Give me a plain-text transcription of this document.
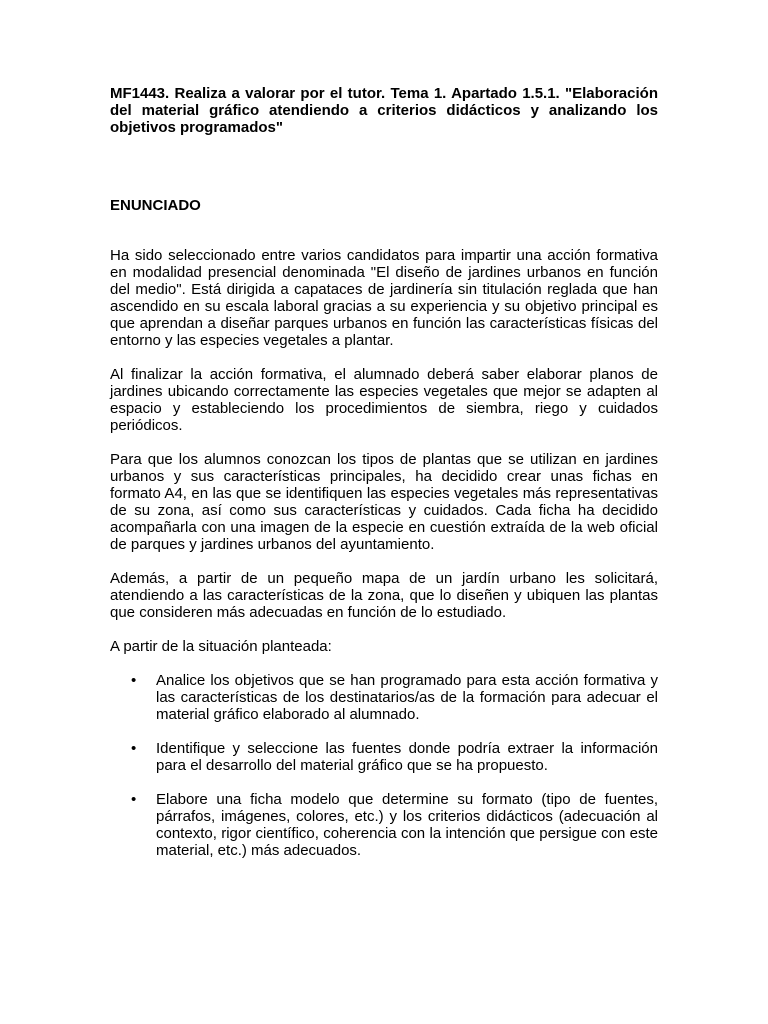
MF1443. Realiza a valorar por el tutor. Tema 1. Apartado 1.5.1. "Elaboración del material gráfico atendiendo a criterios didácticos y analizando los objetivos programados"

ENUNCIADO

Ha sido seleccionado entre varios candidatos para impartir una acción formativa en modalidad presencial denominada "El diseño de jardines urbanos en función del medio". Está dirigida a capataces de jardinería sin titulación reglada que han ascendido en su escala laboral gracias a su experiencia y su objetivo principal es que aprendan a diseñar parques urbanos en función las características físicas del entorno y las especies vegetales a plantar.

Al finalizar la acción formativa, el alumnado deberá saber elaborar planos de jardines ubicando correctamente las especies vegetales que mejor se adapten al espacio y estableciendo los procedimientos de siembra, riego y cuidados periódicos.

Para que los alumnos conozcan los tipos de plantas que se utilizan en jardines urbanos y sus características principales, ha decidido crear unas fichas en formato A4, en las que se identifiquen las especies vegetales más representativas de su zona, así como sus características y cuidados. Cada ficha ha decidido acompañarla con una imagen de la especie en cuestión extraída de la web oficial de parques y jardines urbanos del ayuntamiento.

Además, a partir de un pequeño mapa de un jardín urbano les solicitará, atendiendo a las características de la zona, que lo diseñen y ubiquen las plantas que consideren más adecuadas en función de lo estudiado.

A partir de la situación planteada:

• Analice los objetivos que se han programado para esta acción formativa y las características de los destinatarios/as de la formación para adecuar el material gráfico elaborado al alumnado.
• Identifique y seleccione las fuentes donde podría extraer la información para el desarrollo del material gráfico que se ha propuesto.
• Elabore una ficha modelo que determine su formato (tipo de fuentes, párrafos, imágenes, colores, etc.) y los criterios didácticos (adecuación al contexto, rigor científico, coherencia con la intención que persigue con este material, etc.) más adecuados.
